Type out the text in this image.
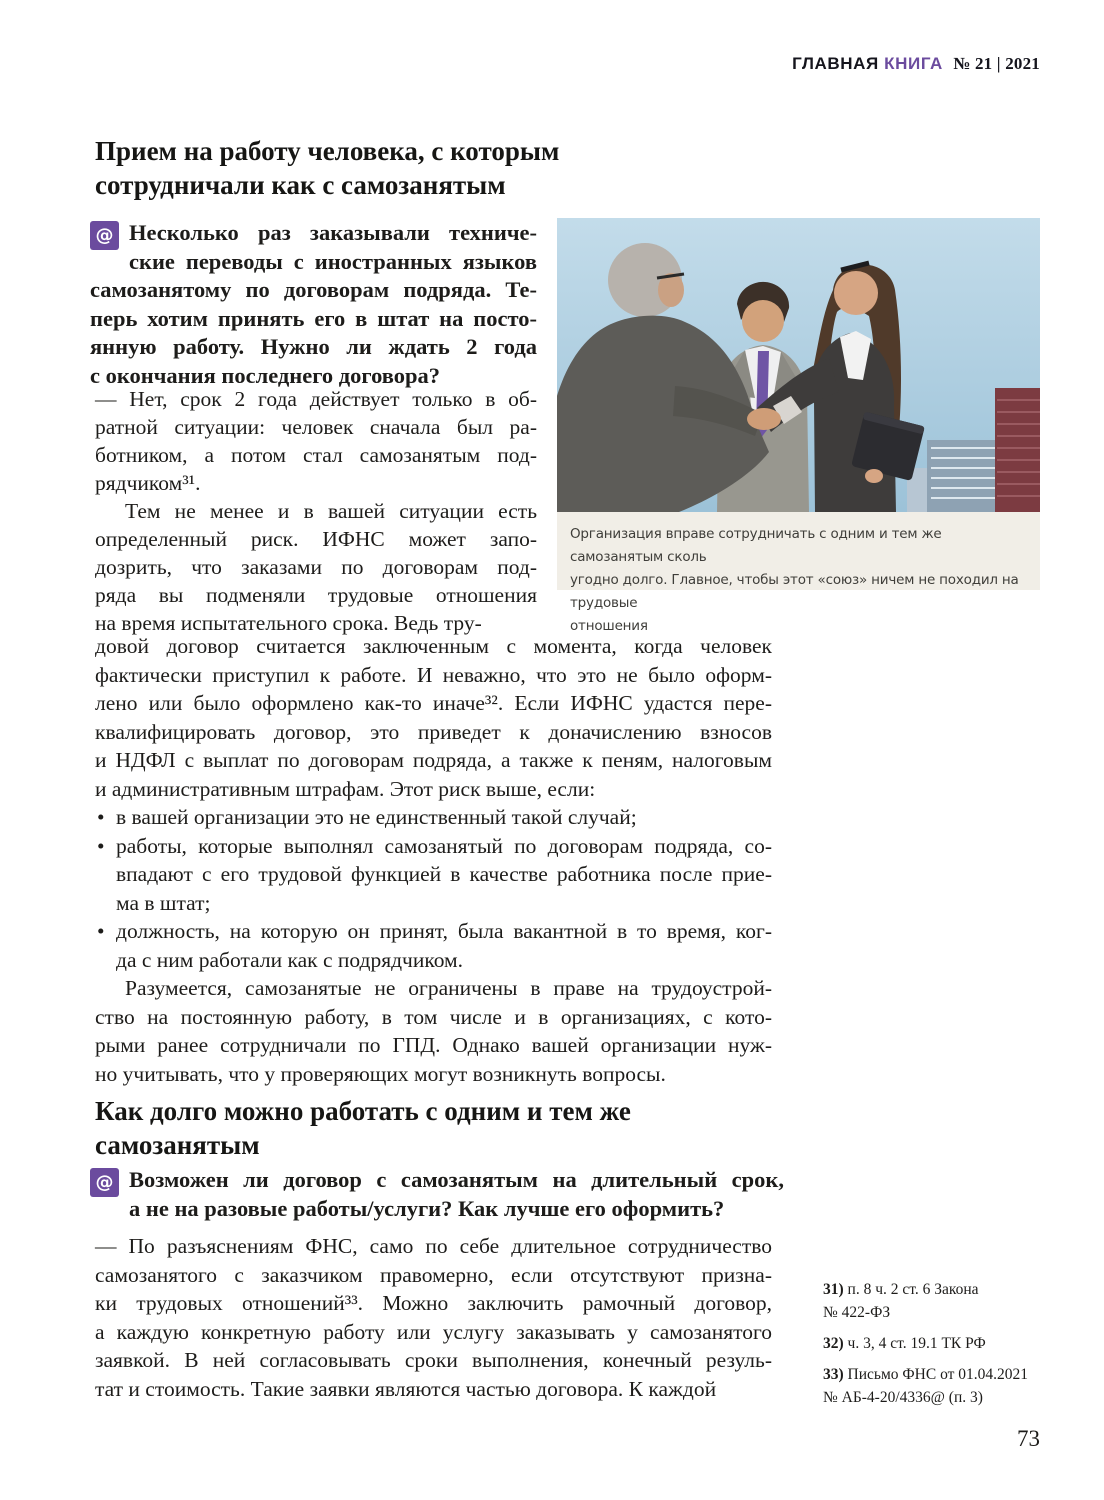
ГЛАВНАЯ КНИГА № 21 | 2021
Прием на работу человека, с которым
сотрудничали как с самозанятым
@ Несколько раз заказывали техниче-
ские переводы с иностранных языков
самозанятому по договорам подряда. Те-
перь хотим принять его в штат на посто-
янную работу. Нужно ли ждать 2 года
с окончания последнего договора?
— Нет, срок 2 года действует только в об-
ратной ситуации: человек сначала был ра-
ботником, а потом стал самозанятым под-
рядчиком³¹.
Тем не менее и в вашей ситуации есть
определенный риск. ИФНС может запо-
дозрить, что заказами по договорам под-
ряда вы подменяли трудовые отношения
на время испытательного срока. Ведь тру-
Организация вправе сотрудничать с одним и тем же самозанятым сколь
угодно долго. Главное, чтобы этот «союз» ничем не походил на трудовые
отношения
довой договор считается заключенным с момента, когда человек
фактически приступил к работе. И неважно, что это не было оформ-
лено или было оформлено как-то иначе³². Если ИФНС удастся пере-
квалифицировать договор, это приведет к доначислению взносов
и НДФЛ с выплат по договорам подряда, а также к пеням, налоговым
и административным штрафам. Этот риск выше, если:
• в вашей организации это не единственный такой случай;
• работы, которые выполнял самозанятый по договорам подряда, со-
впадают с его трудовой функцией в качестве работника после прие-
ма в штат;
• должность, на которую он принят, была вакантной в то время, ког-
да с ним работали как с подрядчиком.
Разумеется, самозанятые не ограничены в праве на трудоустрой-
ство на постоянную работу, в том числе и в организациях, с кото-
рыми ранее сотрудничали по ГПД. Однако вашей организации нуж-
но учитывать, что у проверяющих могут возникнуть вопросы.
Как долго можно работать с одним и тем же
самозанятым
@ Возможен ли договор с самозанятым на длительный срок,
а не на разовые работы/услуги? Как лучше его оформить?
— По разъяснениям ФНС, само по себе длительное сотрудничество
самозанятого с заказчиком правомерно, если отсутствуют призна-
ки трудовых отношений³³. Можно заключить рамочный договор,
а каждую конкретную работу или услугу заказывать у самозанятого
заявкой. В ней согласовывать сроки выполнения, конечный резуль-
тат и стоимость. Такие заявки являются частью договора. К каждой
31) п. 8 ч. 2 ст. 6 Закона
№ 422-ФЗ
32) ч. 3, 4 ст. 19.1 ТК РФ
33) Письмо ФНС от 01.04.2021
№ АБ-4-20/4336@ (п. 3)
73
